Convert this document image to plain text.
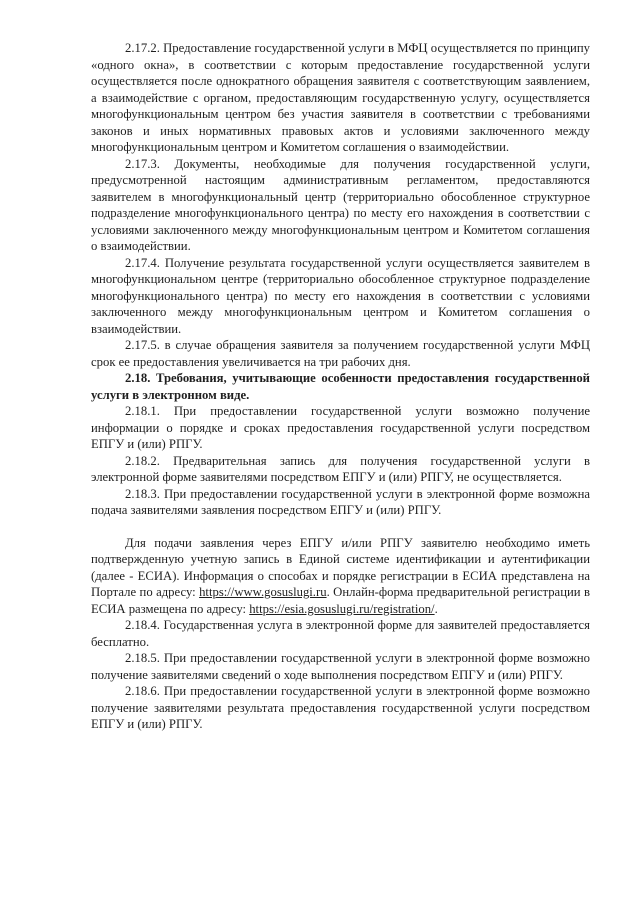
2.17.2. Предоставление государственной услуги в МФЦ осуществляется по принципу «одного окна», в соответствии с которым предоставление государственной услуги осуществляется после однократного обращения заявителя с соответствующим заявлением, а взаимодействие с органом, предоставляющим государственную услугу, осуществляется многофункциональным центром без участия заявителя в соответствии с требованиями законов и иных нормативных правовых актов и условиями заключенного между многофункциональным центром и Комитетом соглашения о взаимодействии.

2.17.3. Документы, необходимые для получения государственной услуги, предусмотренной настоящим административным регламентом, предоставляются заявителем в многофункциональный центр (территориально обособленное структурное подразделение многофункционального центра) по месту его нахождения в соответствии с условиями заключенного между многофункциональным центром и Комитетом соглашения о взаимодействии.

2.17.4. Получение результата государственной услуги осуществляется заявителем в многофункциональном центре (территориально обособленное структурное подразделение многофункционального центра) по месту его нахождения в соответствии с условиями заключенного между многофункциональным центром и Комитетом соглашения о взаимодействии.

2.17.5. в случае обращения заявителя за получением государственной услуги МФЦ срок ее предоставления увеличивается на три рабочих дня.

2.18. Требования, учитывающие особенности предоставления государственной услуги в электронном виде.

2.18.1. При предоставлении государственной услуги возможно получение информации о порядке и сроках предоставления государственной услуги посредством ЕПГУ и (или) РПГУ.

2.18.2. Предварительная запись для получения государственной услуги в электронной форме заявителями посредством ЕПГУ и (или) РПГУ, не осуществляется.

2.18.3. При предоставлении государственной услуги в электронной форме возможна подача заявителями заявления посредством ЕПГУ и (или) РПГУ.

Для подачи заявления через ЕПГУ и/или РПГУ заявителю необходимо иметь подтвержденную учетную запись в Единой системе идентификации и аутентификации (далее - ЕСИА). Информация о способах и порядке регистрации в ЕСИА представлена на Портале по адресу: https://www.gosuslugi.ru. Онлайн-форма предварительной регистрации в ЕСИА размещена по адресу: https://esia.gosuslugi.ru/registration/.

2.18.4. Государственная услуга в электронной форме для заявителей предоставляется бесплатно.

2.18.5. При предоставлении государственной услуги в электронной форме возможно получение заявителями сведений о ходе выполнения посредством ЕПГУ и (или) РПГУ.

2.18.6. При предоставлении государственной услуги в электронной форме возможно получение заявителями результата предоставления государственной услуги посредством ЕПГУ и (или) РПГУ.
